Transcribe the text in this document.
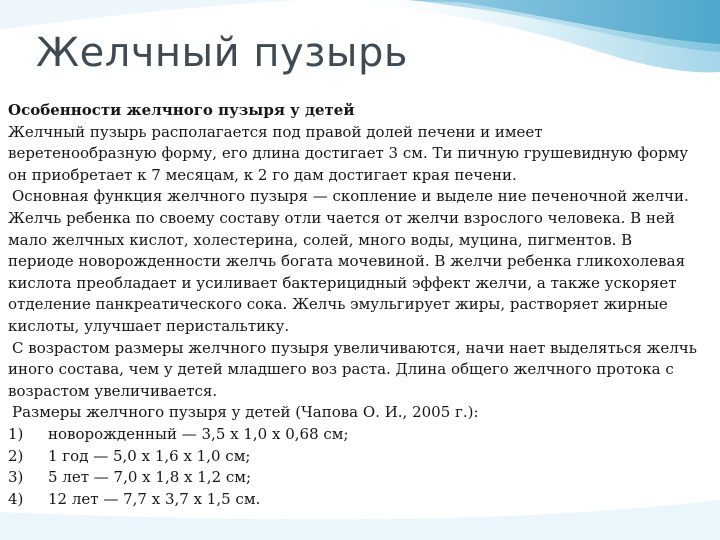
Желчный пузырь

Особенности желчного пузыря у детей

Желчный пузырь располагается под правой долей печени и имеет

веретенообразную форму, его длина достигает 3 см. Ти пичную грушевидную форму

он приобретает к 7 месяцам, к 2 го дам достигает края печени.

Основная функция желчного пузыря — скопление и выделе ние печеночной желчи.

Желчь ребенка по своему составу отли чается от желчи взрослого человека. В ней

мало желчных кислот, холестерина, солей, много воды, муцина, пигментов. В

периоде новорожденности желчь богата мочевиной. В желчи ребенка гликохолевая

кислота преобладает и усиливает бактерицидный эффект желчи, а также ускоряет

отделение панкреатического сока. Желчь эмульгирует жиры, растворяет жирные

кислоты, улучшает перистальтику.

С возрастом размеры желчного пузыря увеличиваются, начи нает выделяться желчь

иного состава, чем у детей младшего воз раста. Длина общего желчного протока с

возрастом увеличивается.

Размеры желчного пузыря у детей (Чапова О. И., 2005 г.):

1)	новорожденный — 3,5 х 1,0 х 0,68 см;
2)	1 год — 5,0 х 1,6 х 1,0 см;
3)	5 лет — 7,0 х 1,8 х 1,2 см;
4)	12 лет — 7,7 х 3,7 х 1,5 см.
